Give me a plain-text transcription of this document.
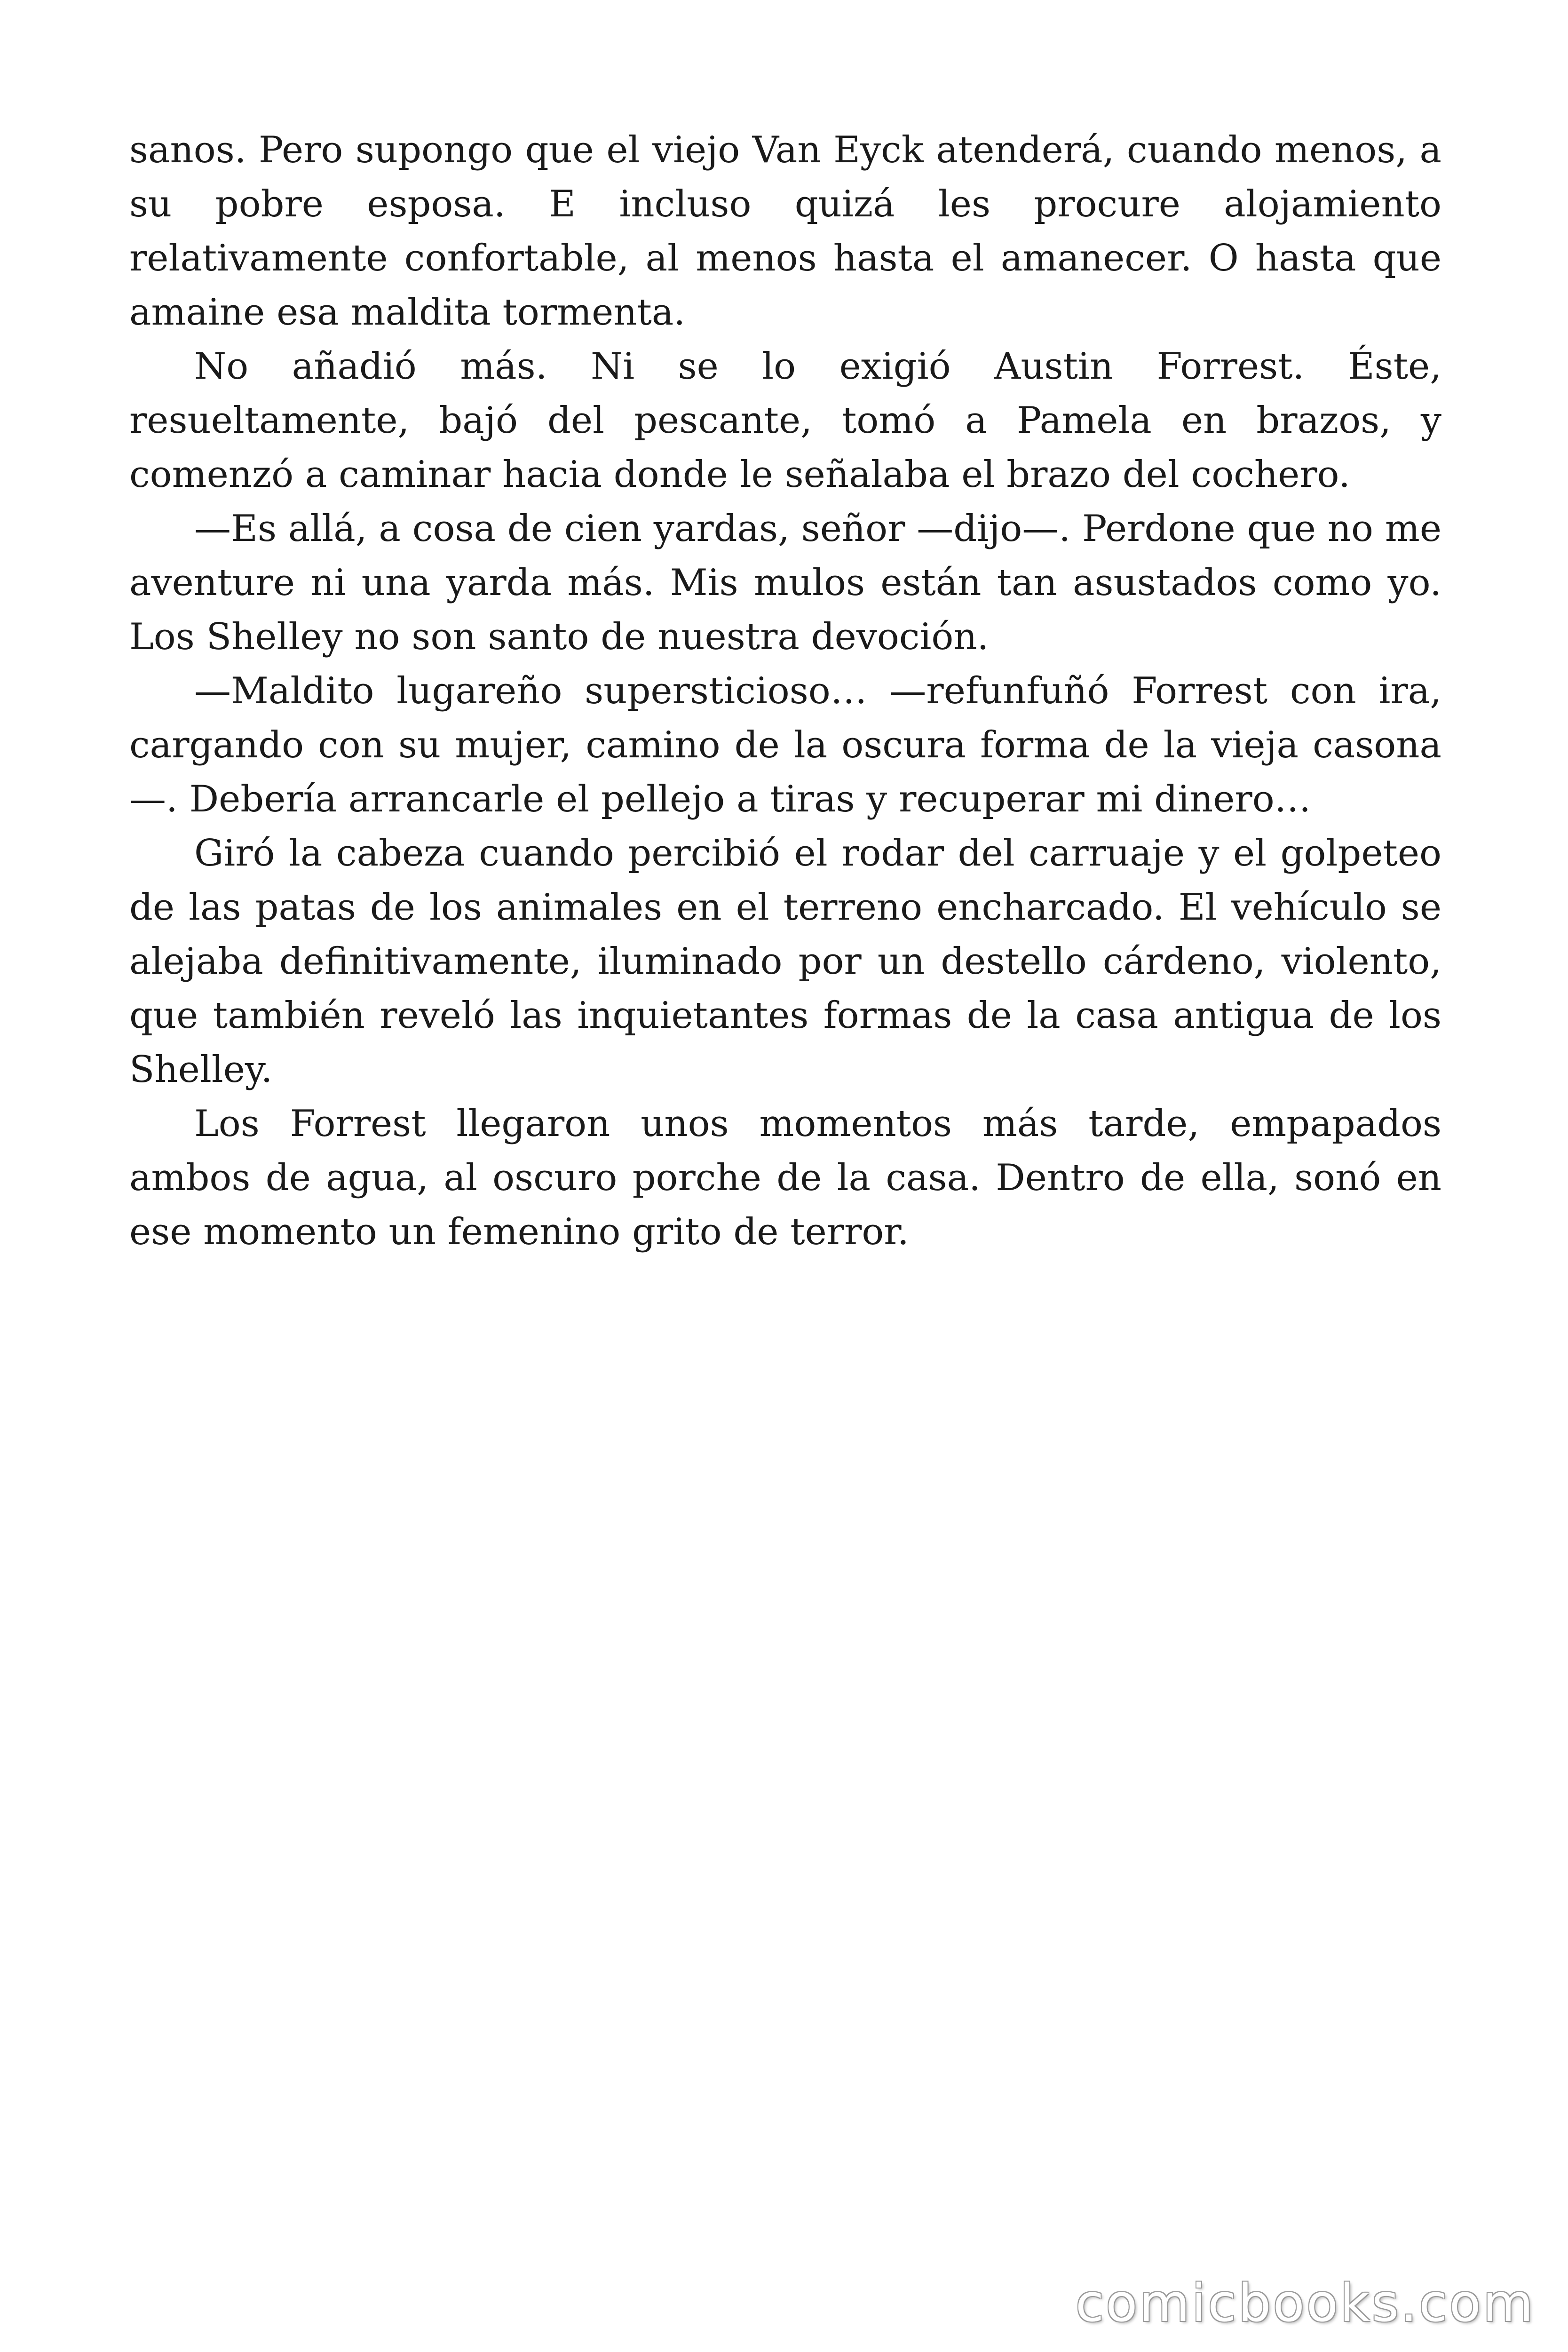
sanos. Pero supongo que el viejo Van Eyck atenderá, cuando menos, a su pobre esposa. E incluso quizá les procure alojamiento relativamente confortable, al menos hasta el amanecer. O hasta que amaine esa maldita tormenta.

No añadió más. Ni se lo exigió Austin Forrest. Éste, resueltamente, bajó del pescante, tomó a Pamela en brazos, y comenzó a caminar hacia donde le señalaba el brazo del cochero.

—Es allá, a cosa de cien yardas, señor —dijo—. Perdone que no me aventure ni una yarda más. Mis mulos están tan asustados como yo. Los Shelley no son santo de nuestra devoción.

—Maldito lugareño supersticioso… —refunfuñó Forrest con ira, cargando con su mujer, camino de la oscura forma de la vieja casona—. Debería arrancarle el pellejo a tiras y recuperar mi dinero…

Giró la cabeza cuando percibió el rodar del carruaje y el golpeteo de las patas de los animales en el terreno encharcado. El vehículo se alejaba definitivamente, iluminado por un destello cárdeno, violento, que también reveló las inquietantes formas de la casa antigua de los Shelley.

Los Forrest llegaron unos momentos más tarde, empapados ambos de agua, al oscuro porche de la casa. Dentro de ella, sonó en ese momento un femenino grito de terror.

comicbooks.com
